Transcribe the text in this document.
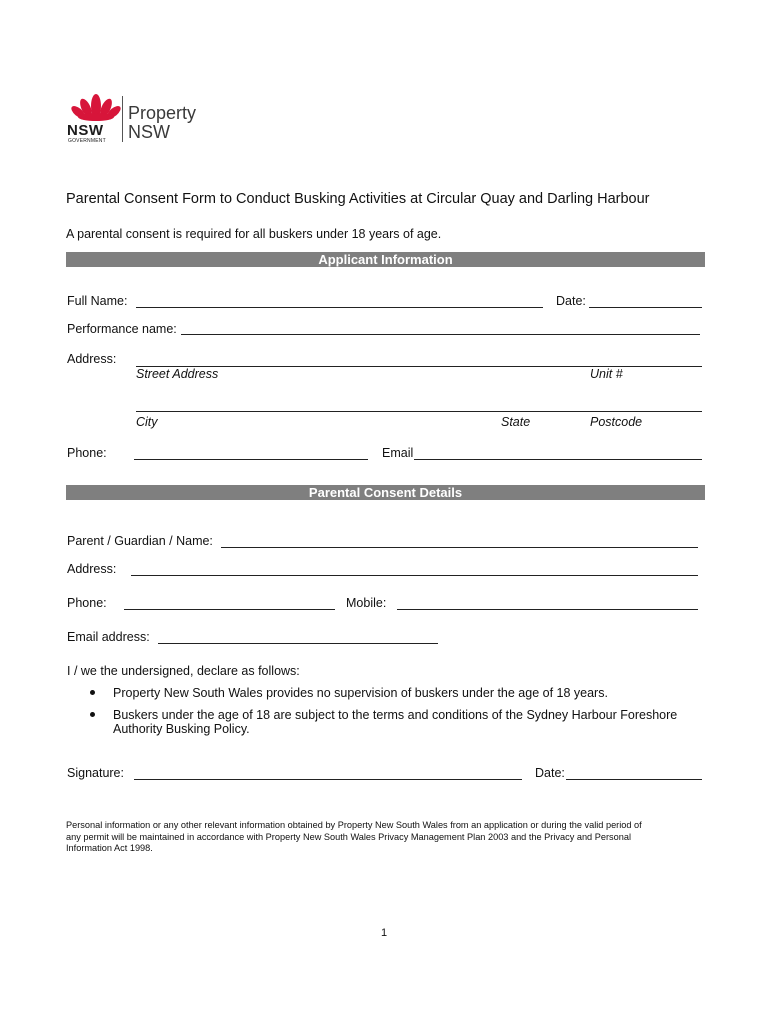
NSW
GOVERNMENT
Property
NSW
Parental Consent Form to Conduct Busking Activities at Circular Quay and Darling Harbour
A parental consent is required for all buskers under 18 years of age.
Applicant Information
Full Name:	Date:
Performance name:
Address:
Street Address	Unit #
City	State	Postcode
Phone:	Email
Parental Consent Details
Parent / Guardian / Name:
Address:
Phone:	Mobile:
Email address:
I / we the undersigned, declare as follows:
Property New South Wales provides no supervision of buskers under the age of 18 years.
Buskers under the age of 18 are subject to the terms and conditions of the Sydney Harbour Foreshore
Authority Busking Policy.
Signature:	Date:
Personal information or any other relevant information obtained by Property New South Wales from an application or during the valid period of
any permit will be maintained in accordance with Property New South Wales Privacy Management Plan 2003 and the Privacy and Personal
Information Act 1998.
1
